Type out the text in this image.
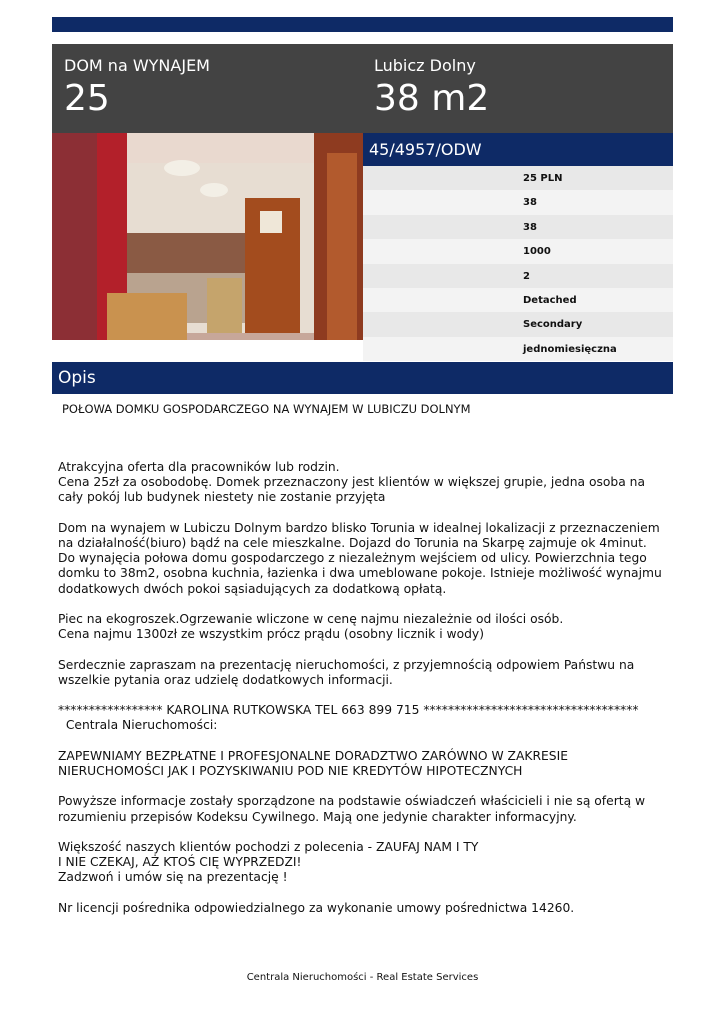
DOM na WYNAJEM
25
Lubicz Dolny
38 m2
45/4957/ODW
25 PLN
38
38
1000
2
Detached
Secondary
jednomiesięczna
Opis
POŁOWA DOMKU GOSPODARCZEGO NA WYNAJEM W LUBICZU DOLNYM

Atrakcyjna oferta dla pracowników lub rodzin.
Cena 25zł za osobodobę. Domek przeznaczony jest klientów w większej grupie, jedna osoba na cały pokój lub budynek niestety nie zostanie przyjęta

Dom na wynajem w Lubiczu Dolnym bardzo blisko Torunia w idealnej lokalizacji z przeznaczeniem na działalność(biuro) bądź na cele mieszkalne. Dojazd do Torunia na Skarpę zajmuje ok 4minut.
Do wynajęcia połowa domu gospodarczego z niezależnym wejściem od ulicy. Powierzchnia tego domku to 38m2, osobna kuchnia, łazienka i dwa umeblowane pokoje. Istnieje możliwość wynajmu dodatkowych dwóch pokoi sąsiadujących za dodatkową opłatą.

Piec na ekogroszek.Ogrzewanie wliczone w cenę najmu niezależnie od ilości osób.
Cena najmu 1300zł ze wszystkim prócz prądu (osobny licznik i wody)

Serdecznie zapraszam na prezentację nieruchomości, z przyjemnością odpowiem Państwu na wszelkie pytania oraz udzielę dodatkowych informacji.

***************** KAROLINA RUTKOWSKA TEL 663 899 715 ***********************************
Centrala Nieruchomości:

ZAPEWNIAMY BEZPŁATNE I PROFESJONALNE DORADZTWO ZARÓWNO W ZAKRESIE NIERUCHOMOŚCI JAK I POZYSKIWANIU POD NIE KREDYTÓW HIPOTECZNYCH

Powyższe informacje zostały sporządzone na podstawie oświadczeń właścicieli i nie są ofertą w rozumieniu przepisów Kodeksu Cywilnego. Mają one jedynie charakter informacyjny.

Większość naszych klientów pochodzi z polecenia - ZAUFAJ NAM I TY
I NIE CZEKAJ, AŻ KTOŚ CIĘ WYPRZEDZI!
Zadzwoń i umów się na prezentację !

Nr licencji pośrednika odpowiedzialnego za wykonanie umowy pośrednictwa 14260.

Centrala Nieruchomości - Real Estate Services
